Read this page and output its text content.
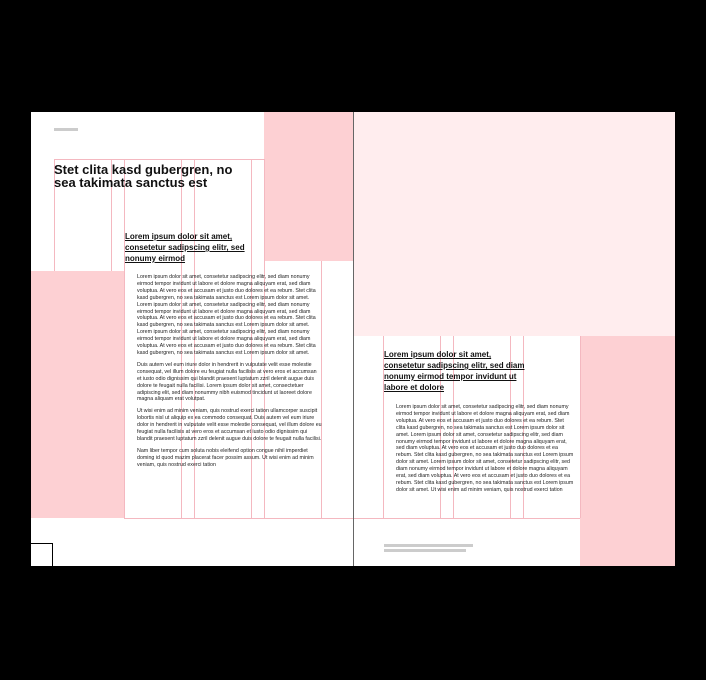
Stet clita kasd gubergren, no sea takimata sanctus est
Lorem ipsum dolor sit amet, consetetur sadipscing elitr, sed nonumy eirmod

Lorem ipsum dolor sit amet, consetetur sadipscing elitr, sed diam nonumy eirmod tempor invidunt ut labore et dolore magna aliquyam erat, sed diam voluptua. At vero eos et accusam et justo duo dolores et ea rebum. Stet clita kasd gubergren, no sea takimata sanctus est Lorem ipsum dolor sit amet. Lorem ipsum dolor sit amet, consetetur sadipscing elitr, sed diam nonumy eirmod tempor invidunt ut labore et dolore magna aliquyam erat, sed diam voluptua. At vero eos et accusam et justo duo dolores et ea rebum. Stet clita kasd gubergren, no sea takimata sanctus est Lorem ipsum dolor sit amet. Lorem ipsum dolor sit amet, consetetur sadipscing elitr, sed diam nonumy eirmod tempor invidunt ut labore et dolore magna aliquyam erat, sed diam voluptua. At vero eos et accusam et justo duo dolores et ea rebum. Stet clita kasd gubergren, no sea takimata sanctus est Lorem ipsum dolor sit amet.

Duis autem vel eum iriure dolor in hendrerit in vulputate velit esse molestie consequat, vel illum dolore eu feugiat nulla facilisis at vero eros et accumsan et iusto odio dignissim qui blandit praesent luptatum zzril delenit augue duis dolore te feugait nulla facilisi. Lorem ipsum dolor sit amet, consectetuer adipiscing elit, sed diam nonummy nibh euismod tincidunt ut laoreet dolore magna aliquam erat volutpat.

Ut wisi enim ad minim veniam, quis nostrud exerci tation ullamcorper suscipit lobortis nisl ut aliquip ex ea commodo consequat. Duis autem vel eum iriure dolor in hendrerit in vulputate velit esse molestie consequat, vel illum dolore eu feugiat nulla facilisis at vero eros et accumsan et iusto odio dignissim qui blandit praesent luptatum zzril delenit augue duis dolore te feugait nulla facilisi.

Nam liber tempor cum soluta nobis eleifend option congue nihil imperdiet doming id quod mazim placerat facer possim assum. Ut wisi enim ad minim veniam, quis nostrud exerci tation

Lorem ipsum dolor sit amet, consetetur sadipscing elitr, sed diam nonumy eirmod tempor invidunt ut labore et dolore

Lorem ipsum dolor sit amet, consetetur sadipscing elitr, sed diam nonumy eirmod tempor invidunt ut labore et dolore magna aliquyam erat, sed diam voluptua. At vero eos et accusam et justo duo dolores et ea rebum. Stet clita kasd gubergren, no sea takimata sanctus est Lorem ipsum dolor sit amet. Lorem ipsum dolor sit amet, consetetur sadipscing elitr, sed diam nonumy eirmod tempor invidunt ut labore et dolore magna aliquyam erat, sed diam voluptua. At vero eos et accusam et justo duo dolores et ea rebum. Stet clita kasd gubergren, no sea takimata sanctus est Lorem ipsum dolor sit amet. Lorem ipsum dolor sit amet, consetetur sadipscing elitr, sed diam nonumy eirmod tempor invidunt ut labore et dolore magna aliquyam erat, sed diam voluptua. At vero eos et accusam et justo duo dolores et ea rebum. Stet clita kasd gubergren, no sea takimata sanctus est Lorem ipsum dolor sit amet. Ut wisi enim ad minim veniam, quis nostrud exerci tation
